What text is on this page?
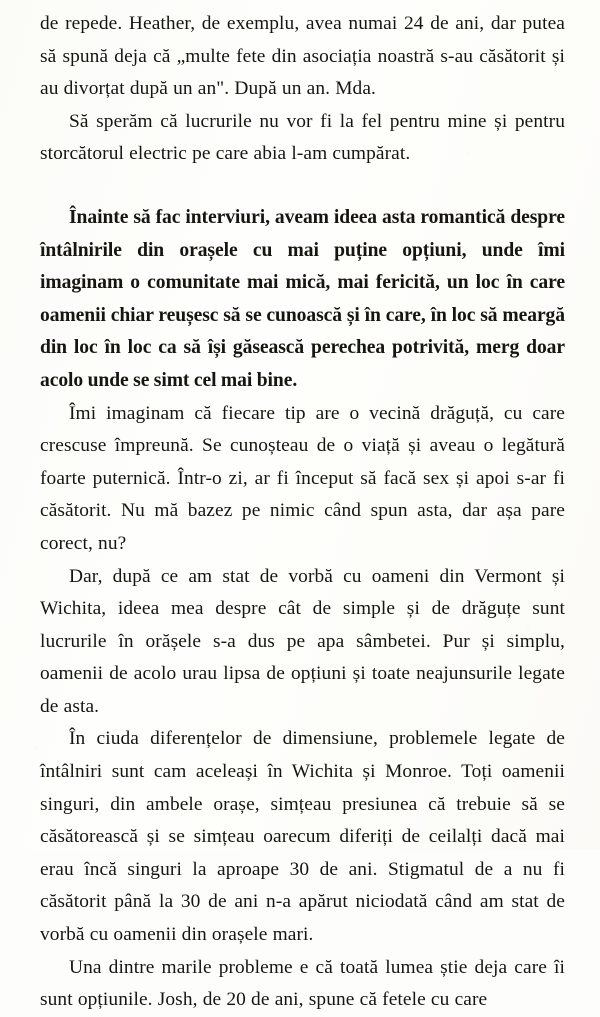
de repede. Heather, de exemplu, avea numai 24 de ani, dar putea să spună deja că „multe fete din asociația noastră s-au căsătorit și au divorțat după un an". După un an. Mda.

Să sperăm că lucrurile nu vor fi la fel pentru mine și pentru storcătorul electric pe care abia l-am cumpărat.

Înainte să fac interviuri, aveam ideea asta romantică despre întâlnirile din orașele cu mai puține opțiuni, unde îmi imaginam o comunitate mai mică, mai fericită, un loc în care oamenii chiar reușesc să se cunoască și în care, în loc să meargă din loc în loc ca să își găsească perechea potrivită, merg doar acolo unde se simt cel mai bine.

Îmi imaginam că fiecare tip are o vecină drăguță, cu care crescuse împreună. Se cunoșteau de o viață și aveau o legătură foarte puternică. Într-o zi, ar fi început să facă sex și apoi s-ar fi căsătorit. Nu mă bazez pe nimic când spun asta, dar așa pare corect, nu?

Dar, după ce am stat de vorbă cu oameni din Vermont și Wichita, ideea mea despre cât de simple și de drăguțe sunt lucrurile în orășele s-a dus pe apa sâmbetei. Pur și simplu, oamenii de acolo urau lipsa de opțiuni și toate neajunsurile legate de asta.

În ciuda diferențelor de dimensiune, problemele legate de întâlniri sunt cam aceleași în Wichita și Monroe. Toți oamenii singuri, din ambele orașe, simțeau presiunea că trebuie să se căsătorească și se simțeau oarecum diferiți de ceilalți dacă mai erau încă singuri la aproape 30 de ani. Stigmatul de a nu fi căsătorit până la 30 de ani n-a apărut niciodată când am stat de vorbă cu oamenii din orașele mari.

Una dintre marile probleme e că toată lumea știe deja care îi sunt opțiunile. Josh, de 20 de ani, spune că fetele cu care
